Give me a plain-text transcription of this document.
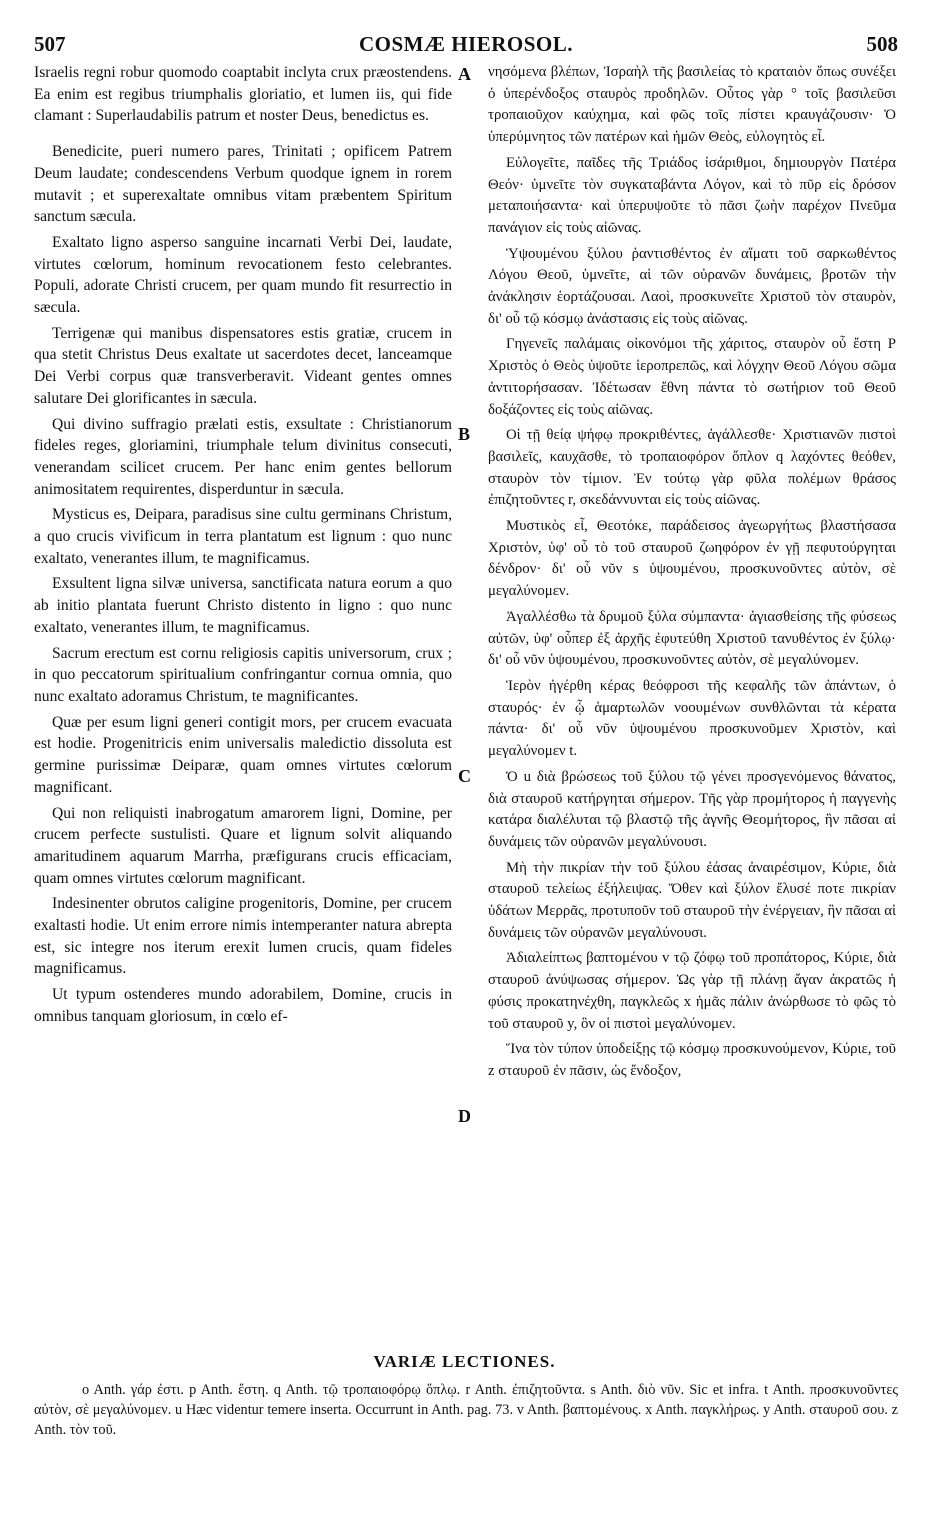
507	COSMÆ HIEROSOL.	508

Israelis regni robur quomodo coaptabit inclyta crux præostendens. Ea enim est regibus triumphalis gloriatio, et lumen iis, qui fide clamant : Superlaudabilis patrum et noster Deus, benedictus es.

Benedicite, pueri numero pares, Trinitati ; opificem Patrem Deum laudate; condescendens Verbum quodque ignem in rorem mutavit ; et superexaltate omnibus vitam præbentem Spiritum sanctum sæcula.

Exaltato ligno asperso sanguine incarnati Verbi Dei, laudate, virtutes cœlorum, hominum revocationem festo celebrantes. Populi, adorate Christi crucem, per quam mundo fit resurrectio in sæcula.

Terrigenæ qui manibus dispensatores estis gratiæ, crucem in qua stetit Christus Deus exaltate ut sacerdotes decet, lanceamque Dei Verbi corpus quæ transverberavit. Videant gentes omnes salutare Dei glorificantes in sæcula.

Qui divino suffragio prælati estis, exsultate : Christianorum fideles reges, gloriamini, triumphale telum divinitus consecuti, venerandam scilicet crucem. Per hanc enim gentes bellorum animositatem requirentes, disperduntur in sæcula.

Mysticus es, Deipara, paradisus sine cultu germinans Christum, a quo crucis vivificum in terra plantatum est lignum : quo nunc exaltato, venerantes illum, te magnificamus.

Exsultent ligna silvæ universa, sanctificata natura eorum a quo ab initio plantata fuerunt Christo distento in ligno : quo nunc exaltato, venerantes illum, te magnificamus.

Sacrum erectum est cornu religiosis capitis universorum, crux ; in quo peccatorum spiritualium confringantur cornua omnia, quo nunc exaltato adoramus Christum, te magnificantes.

Quæ per esum ligni generi contigit mors, per crucem evacuata est hodie. Progenitricis enim universalis maledictio dissoluta est germine purissimæ Deiparæ, quam omnes virtutes cœlorum magnificant.

Qui non reliquisti inabrogatum amarorem ligni, Domine, per crucem perfecte sustulisti. Quare et lignum solvit aliquando amaritudinem aquarum Marrha, præfigurans crucis efficaciam, quam omnes virtutes cœlorum magnificant.

Indesinenter obrutos caligine progenitoris, Domine, per crucem exaltasti hodie. Ut enim errore nimis intemperanter natura abrepta est, sic integre nos iterum erexit lumen crucis, quam fideles magnificamus.

Ut typum ostenderes mundo adorabilem, Domine, crucis in omnibus tanquam gloriosum, in cœlo ef-

A
B
C
D

νησόμενα βλέπων, Ἰσραὴλ τῆς βασιλείας τὸ κραταιὸν ὅπως συνέξει ὁ ὑπερένδοξος σταυρὸς προδηλῶν. Οὗτος γὰρ ° τοῖς βασιλεῦσι τροπαιοῦχον καύχημα, καὶ φῶς τοῖς πίστει κραυγάζουσιν· Ὁ ὑπερύμνητος τῶν πατέρων καὶ ἡμῶν Θεὸς, εὐλογητὸς εἶ.

Εὐλογεῖτε, παῖδες τῆς Τριάδος ἰσάριθμοι, δημιουργὸν Πατέρα Θεόν· ὑμνεῖτε τὸν συγκαταβάντα Λόγον, καὶ τὸ πῦρ εἰς δρόσον μεταποιήσαντα· καὶ ὑπερυψοῦτε τὸ πᾶσι ζωὴν παρέχον Πνεῦμα πανάγιον εἰς τοὺς αἰῶνας.

Ὑψουμένου ξύλου ῥαντισθέντος ἐν αἵματι τοῦ σαρκωθέντος Λόγου Θεοῦ, ὑμνεῖτε, αἱ τῶν οὐρανῶν δυνάμεις, βροτῶν τὴν ἀνάκλησιν ἑορτάζουσαι. Λαοὶ, προσκυνεῖτε Χριστοῦ τὸν σταυρὸν, δι' οὗ τῷ κόσμῳ ἀνάστασις εἰς τοὺς αἰῶνας.

Γηγενεῖς παλάμαις οἰκονόμοι τῆς χάριτος, σταυρὸν οὗ ἔστη P Χριστὸς ὁ Θεὸς ὑψοῦτε ἱεροπρεπῶς, καὶ λόγχην Θεοῦ Λόγου σῶμα ἀντιτορήσασαν. Ἰδέτωσαν ἔθνη πάντα τὸ σωτήριον τοῦ Θεοῦ δοξάζοντες εἰς τοὺς αἰῶνας.

Οἱ τῇ θείᾳ ψήφῳ προκριθέντες, ἀγάλλεσθε· Χριστιανῶν πιστοὶ βασιλεῖς, καυχᾶσθε, τὸ τροπαιοφόρον ὅπλον q λαχόντες θεόθεν, σταυρὸν τὸν τίμιον. Ἐν τούτῳ γὰρ φῦλα πολέμων θράσος ἐπιζητοῦντες r, σκεδάννυνται εἰς τοὺς αἰῶνας.

Μυστικὸς εἶ, Θεοτόκε, παράδεισος ἀγεωργήτως βλαστήσασα Χριστὸν, ὑφ' οὗ τὸ τοῦ σταυροῦ ζωηφόρον ἐν γῇ πεφυτούργηται δένδρον· δι' οὗ νῦν s ὑψουμένου, προσκυνοῦντες αὐτὸν, σὲ μεγαλύνομεν.

Ἀγαλλέσθω τὰ δρυμοῦ ξύλα σύμπαντα· ἁγιασθείσης τῆς φύσεως αὐτῶν, ὑφ' οὗπερ ἐξ ἀρχῆς ἐφυτεύθη Χριστοῦ τανυθέντος ἐν ξύλῳ· δι' οὗ νῦν ὑψουμένου, προσκυνοῦντες αὐτὸν, σὲ μεγαλύνομεν.

Ἱερὸν ἠγέρθη κέρας θεόφροσι τῆς κεφαλῆς τῶν ἁπάντων, ὁ σταυρός· ἐν ᾧ ἁμαρτωλῶν νοουμένων συνθλῶνται τὰ κέρατα πάντα· δι' οὗ νῦν ὑψουμένου προσκυνοῦμεν Χριστὸν, καὶ μεγαλύνομεν t.

Ὁ u διὰ βρώσεως τοῦ ξύλου τῷ γένει προσγενόμενος θάνατος, διὰ σταυροῦ κατήργηται σήμερον. Τῆς γὰρ προμήτορος ἡ παγγενὴς κατάρα διαλέλυται τῷ βλαστῷ τῆς ἁγνῆς Θεομήτορος, ἣν πᾶσαι αἱ δυνάμεις τῶν οὐρανῶν μεγαλύνουσι.

Μὴ τὴν πικρίαν τὴν τοῦ ξύλου ἐάσας ἀναιρέσιμον, Κύριε, διὰ σταυροῦ τελείως ἐξήλειψας. Ὅθεν καὶ ξύλον ἔλυσέ ποτε πικρίαν ὑδάτων Μερρᾶς, προτυποῦν τοῦ σταυροῦ τὴν ἐνέργειαν, ἣν πᾶσαι αἱ δυνάμεις τῶν οὐρανῶν μεγαλύνουσι.

Ἀδιαλείπτως βαπτομένου v τῷ ζόφῳ τοῦ προπάτορος, Κύριε, διὰ σταυροῦ ἀνύψωσας σήμερον. Ὡς γὰρ τῇ πλάνῃ ἄγαν ἀκρατῶς ἡ φύσις προκατηνέχθη, παγκλεῶς x ἡμᾶς πάλιν ἀνώρθωσε τὸ φῶς τὸ τοῦ σταυροῦ y, ὃν οἱ πιστοὶ μεγαλύνομεν.

Ἵνα τὸν τύπον ὑποδείξῃς τῷ κόσμῳ προσκυνούμενον, Κύριε, τοῦ z σταυροῦ ἐν πᾶσιν, ὡς ἔνδοξον,

VARIÆ LECTIONES.

o Anth. γάρ ἐστι. p Anth. ἔστη. q Anth. τῷ τροπαιοφόρῳ ὅπλῳ. r Anth. ἐπιζητοῦντα. s Anth. διὸ νῦν. Sic et infra. t Anth. προσκυνοῦντες αὐτὸν, σὲ μεγαλύνομεν. u Hæc videntur temere inserta. Occurrunt in Anth. pag. 73. v Anth. βαπτομένους. x Anth. παγκλήρως. y Anth. σταυροῦ σου. z Anth. τὸν τοῦ.
